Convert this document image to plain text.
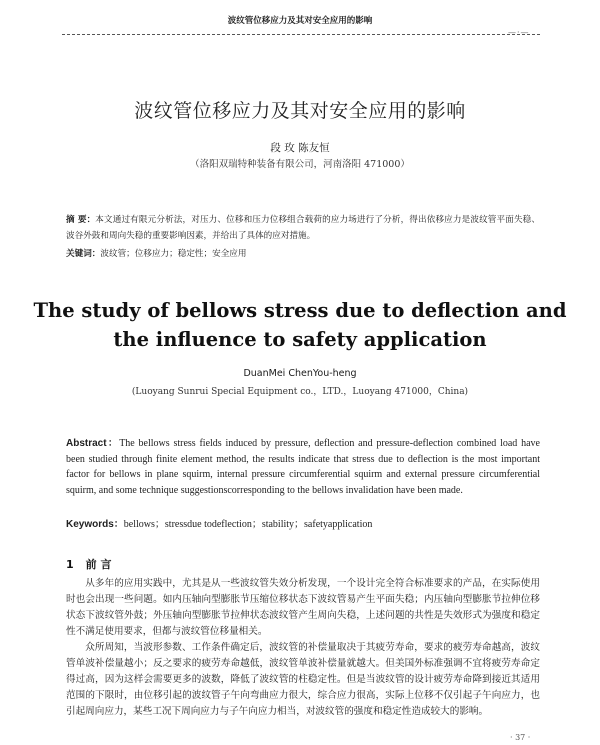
波纹管位移应力及其对安全应用的影响
—·—
波纹管位移应力及其对安全应用的影响
段 玫 陈友恒
（洛阳双瑞特种装备有限公司，河南洛阳 471000）
摘 要：本文通过有限元分析法，对压力、位移和压力位移组合载荷的应力场进行了分析，得出依移应力是波纹管平面失稳、波谷外鼓和周向失稳的重要影响因素，并给出了具体的应对措施。
关键词：波纹管；位移应力；稳定性；安全应用
The study of bellows stress due to deflection and the influence to safety application
DuanMei ChenYou-heng
(Luoyang Sunrui Special Equipment co.，LTD.，Luoyang 471000，China)
Abstract：The bellows stress fields induced by pressure, deflection and pressure-deflection combined load have been studied through finite element method, the results indicate that stress due to deflection is the most important factor for bellows in plane squirm, internal pressure circumferential squirm and external pressure circumferential squirm, and some technique suggestionscorresponding to the bellows invalidation have been made.
Keywords：bellows；stressdue todeflection；stability；safetyapplication
1 前 言

从多年的应用实践中，尤其是从一些波纹管失效分析发现，一个设计完全符合标准要求的产品，在实际使用时也会出现一些问题。如内压轴向型膨胀节压缩位移状态下波纹管易产生平面失稳；内压轴向型膨胀节拉伸位移状态下波纹管外鼓；外压轴向型膨胀节拉伸状态波纹管产生周向失稳，上述问题的共性是失效形式为强度和稳定性不满足使用要求，但都与波纹管位移量相关。

众所周知，当波形参数、工作条件确定后，波纹管的补偿量取决于其疲劳寿命，要求的疲劳寿命越高，波纹管单波补偿量越小；反之要求的疲劳寿命越低，波纹管单波补偿量就越大。但美国外标准强调不宜将疲劳寿命定得过高，因为这样会需要更多的波数，降低了波纹管的柱稳定性。但是当波纹管的设计疲劳寿命降到接近其适用范围的下限时，由位移引起的波纹管子午向弯曲应力很大，综合应力很高，实际上位移不仅引起子午向应力，也引起周向应力，某些工况下周向应力与子午向应力相当，对波纹管的强度和稳定性造成较大的影响。

· 37 ·
